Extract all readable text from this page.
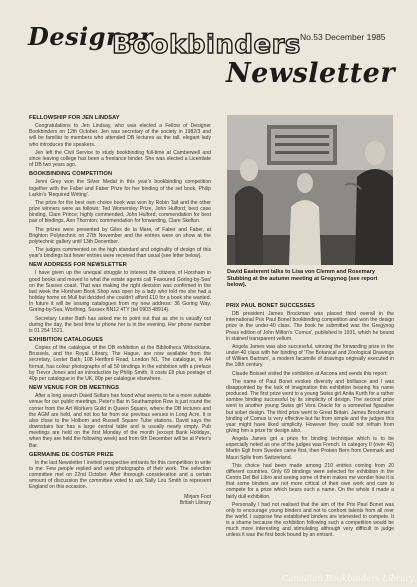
Designer
Bookbinders
Newsletter
No.53 December 1985
FELLOWSHIP FOR JEN LINDSAY

Congratulations to Jen Lindsay, who was elected a Fellow of Designer Bookbinders on 12th October. Jen was secretary of the society in 1982/3 and will be familiar to members who attended DB lectures as the tall, elegant lady who introduces the speakers.

Jen left the Civil Service to study bookbinding full-time at Camberwell and since leaving college has been a freelance binder. She was elected a Licentiate of DB two years ago.

BOOKBINDING COMPETITION

Jenni Grey won the Silver Medal in this year's bookbinding competition together with the Faber and Faber Prize for her binding of the set book, Philip Larkin's 'Required Writing'.

The prize for the best own choice book was won by Robin Tait and the other prize winners were as follows: Ted Womersley Prize, John Hulford; best case binding, Clare Prince; highly commended, John Hulford; commendation for best pair of bindings, Ann Thornton; commendation for forwarding, Clare Skelton.

The prizes were presented by Giles de la Mare, of Faber and Faber, at Brighton Polytechnic on 27th November and the entries were on show at the polytechnic gallery until 13th December.

The judges commented on the high standard and originality of design of this year's bindings but fewer entries were received than usual (see letter below).

NEW ADDRESS FOR NEWSLETTER

I have given up the unequal struggle to interest the citizens of Horsham in good books and moved to what the estate agents call 'Favoured Goring-by-Sea' on the Sussex coast. That was making the right decision was confirmed in the last week the Horsham Book Shop was open by a lady who told me she had a holiday home on Mull but decided she couldn't afford £10 for a book she wanted. In future it will be issuing catalogues from my new address: 36 Goring Way, Goring-by-Sea, Worthing, Sussex BN12 4TY (tel 0903 48914).

Secretary Lester Bath has asked me to point out that as she is usually out during the day, the best time to phone her is in the evening. Her phone number is 01 254 1521.

EXHIBITION CATALOGUES

Copies of the catalogue of the DB exhibition at the Bibliotheca Wittockiana, Brussels, and the Royal Library, The Hague, are now available from the secretary, Lester Bath, 108 Hertford Road, London N1. The catalogue, in A4 format, has colour photographs of all 50 bindings in the exhibition with a preface by Trevor Jones and an introduction by Philip Smith. It costs £8 plus postage of 40p per catalogue in the UK, 80p per catalogue elsewhere.

NEW VENUE FOR DB MEETINGS

After a long search David Sellars has found what seems to be a more suitable venue for our public meetings. Peter's Bar in Southampton Row is just round the corner from the Art Workers Guild in Queen Square, where the DB lectures and the AGM are held, and not too far from our previous venues in Long Acre. It is also close to the Holborn and Russell Square Tube stations. David says the downstairs bar has a large central table and is usually nearly empty. Pub meetings are held on the first Monday of the month (except Bank Holidays, when they are held the following week) and from 6th December will be at Peter's Bar.

GERMAINE DE COSTER PRIZE

In the last Newsletter I invited prospective entrants for this competition to write to me. Few people replied and sent photographs of their work. The selection committee met on 22nd October. After thorough consideration and a certain amount of discussion the committee voted to ask Sally Lou Smith to represent England on this occasion.

Mirjam Foot
British Library
David Easterent talks to Lisa von Clemm and Rosemary Stubbing at the autumn meeting at Gregynog (see report below).
PRIX PAUL BONET SUCCESSES

DB president James Brockman was placed third overall in the international Prix Paul Bonet bookbinding competition and won the design prize in the under-40 class. The book he submitted was the Gregynog Press edition of John Milton's 'Comus', published in 1931, which he bound in stained transparent vellum.

Angela James was also successful, winning the forwarding prize in the under-40 class with her binding of 'The Botanical and Zoological Drawings of William Bartram', a modern facsimile of drawings originally executed in the 18th century.

Claude Boisset visited the exhibition at Ascona and sends this report:

The name of Paul Bonet evokes diversity and brilliance and I was disappointed by the lack of imagination this exhibition bearing his name produced. The first prize went to a young Swiss girl Anita Kurth for a rather sombre binding successful by its simplicity of design. The second prize went to another young Swiss girl Vera Oracle for a somewhat figurative but sober design. The third prize went to Great Britain. James Brockman's binding of Comus is very effective but far from simple and the judges this year might have liked simplicity. However they could not refrain from giving him a prize for design also.

Angela James got a prize for binding technique which is to be especially noted as one of the judges was French. In category II (over 40) Martin Egli from Sweden came first, then Protein Bern from Denmark and Mauri Splis from Switzerland.

This choice had been made among 210 entries coming from 20 different countries. Only 69 bindings were selected for exhibition in the Centro Del Bel Libro and seeing some of them makes me wonder how it is that some binders are not more critical of their own work and care to compete for a prize which bears such a name. On the whole it made a fairly dull exhibition.

Personally I had not realised that the aim of the Prix Paul Bonet was only to encourage young binders and not to confront talents from all over the world. I suppose few established binders are interested to compete. It is a shame because the exhibition following such a competition would be much more interesting and stimulating although very difficult to judge unless it was the first book bound by an entrant.

Canadian Bookbinders Library
